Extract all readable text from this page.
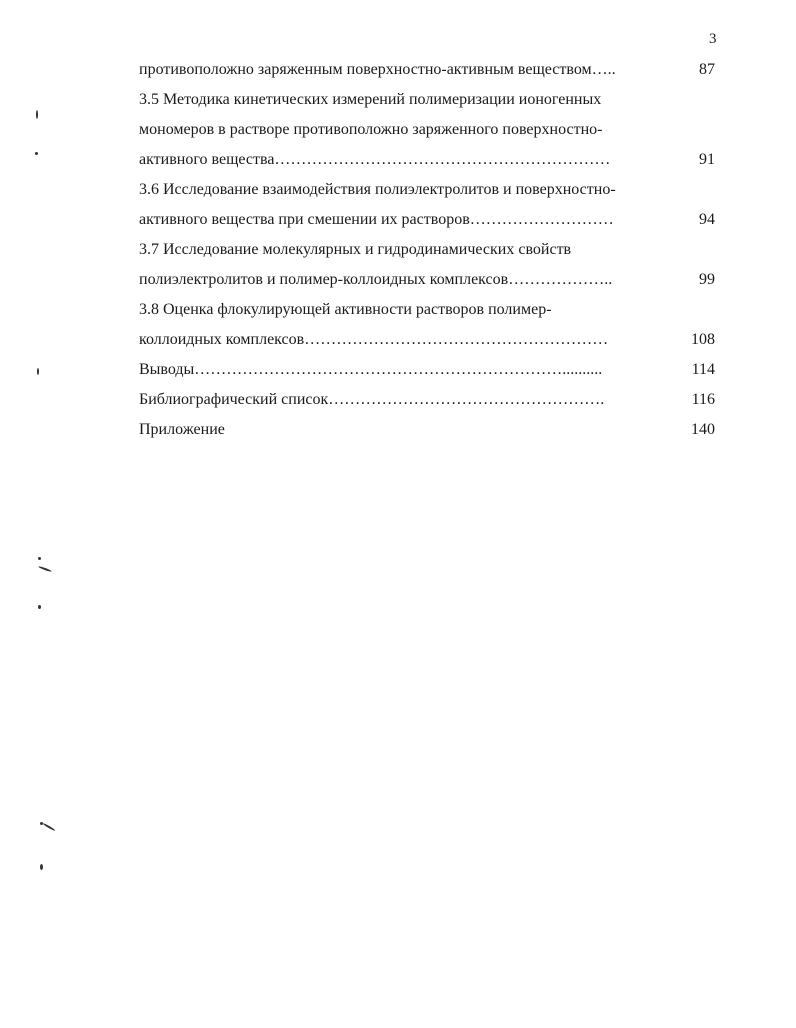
3
противоположно заряженным поверхностно-активным веществом…..	87
3.5 Методика кинетических измерений полимеризации ионогенных
мономеров в растворе противоположно заряженного поверхностно-
активного вещества………………………………………………………	91
3.6 Исследование взаимодействия полиэлектролитов и поверхностно-
активного вещества при смешении их растворов………………………	94
3.7 Исследование молекулярных и гидродинамических свойств
полиэлектролитов и полимер-коллоидных комплексов………………..	99
3.8 Оценка флокулирующей активности растворов полимер-
коллоидных комплексов…………………………………………………	108
Выводы……………………………………………………………..........	114
Библиографический список…………………………………………….	116
Приложение	140
